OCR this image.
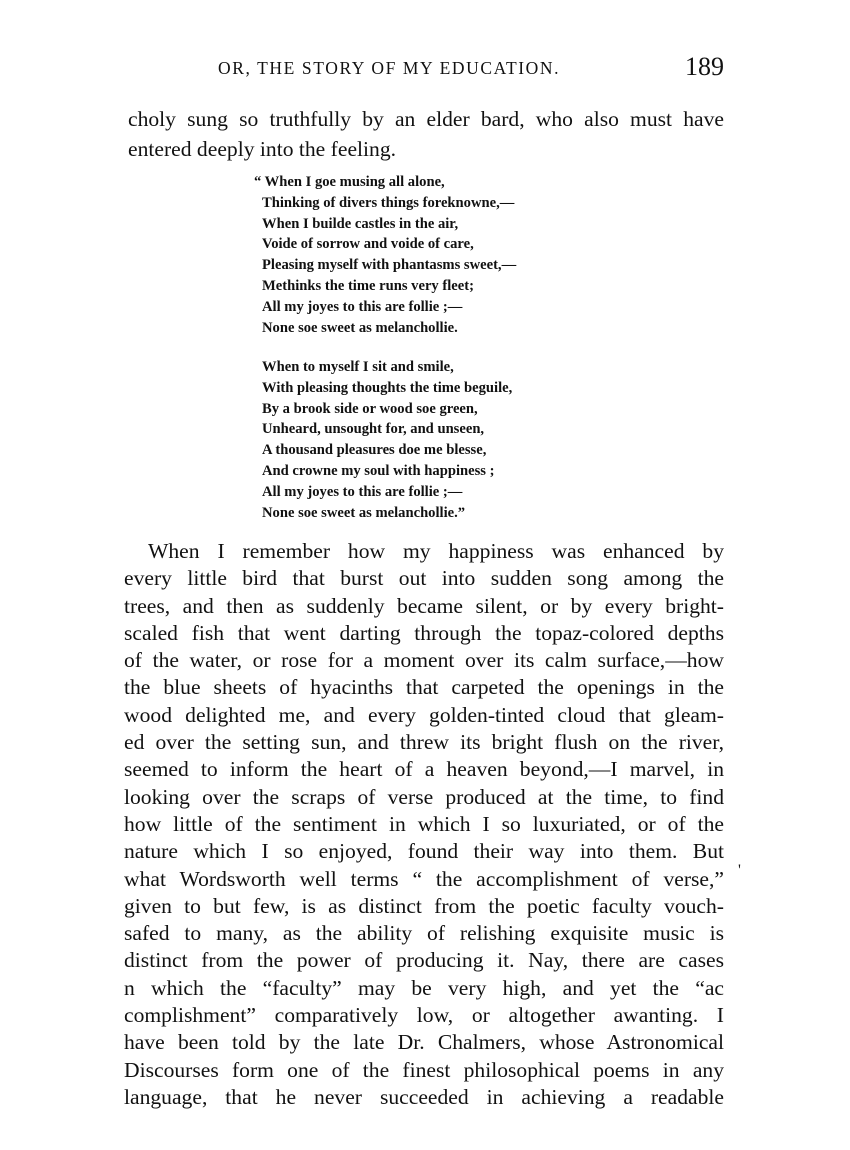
OR, THE STORY OF MY EDUCATION.	189
choly sung so truthfully by an elder bard, who also must have
entered deeply into the feeling.
“ When I goe musing all alone,
Thinking of divers things foreknowne,—
When I builde castles in the air,
Voide of sorrow and voide of care,
Pleasing myself with phantasms sweet,—
Methinks the time runs very fleet;
All my joyes to this are follie ;—
None soe sweet as melanchollie.
When to myself I sit and smile,
With pleasing thoughts the time beguile,
By a brook side or wood soe green,
Unheard, unsought for, and unseen,
A thousand pleasures doe me blesse,
And crowne my soul with happiness ;
All my joyes to this are follie ;—
None soe sweet as melanchollie.”
When I remember how my happiness was enhanced by
every little bird that burst out into sudden song among the
trees, and then as suddenly became silent, or by every bright-
scaled fish that went darting through the topaz-colored depths
of the water, or rose for a moment over its calm surface,—how
the blue sheets of hyacinths that carpeted the openings in the
wood delighted me, and every golden-tinted cloud that gleam-
ed over the setting sun, and threw its bright flush on the river,
seemed to inform the heart of a heaven beyond,—I marvel, in
looking over the scraps of verse produced at the time, to find
how little of the sentiment in which I so luxuriated, or of the
nature which I so enjoyed, found their way into them. But
what Wordsworth well terms “ the accomplishment of verse,”
given to but few, is as distinct from the poetic faculty vouch-
safed to many, as the ability of relishing exquisite music is
distinct from the power of producing it. Nay, there are cases
n which the “faculty” may be very high, and yet the “ac
complishment” comparatively low, or altogether awanting. I
have been told by the late Dr. Chalmers, whose Astronomical
Discourses form one of the finest philosophical poems in any
language, that he never succeeded in achieving a readable
'
